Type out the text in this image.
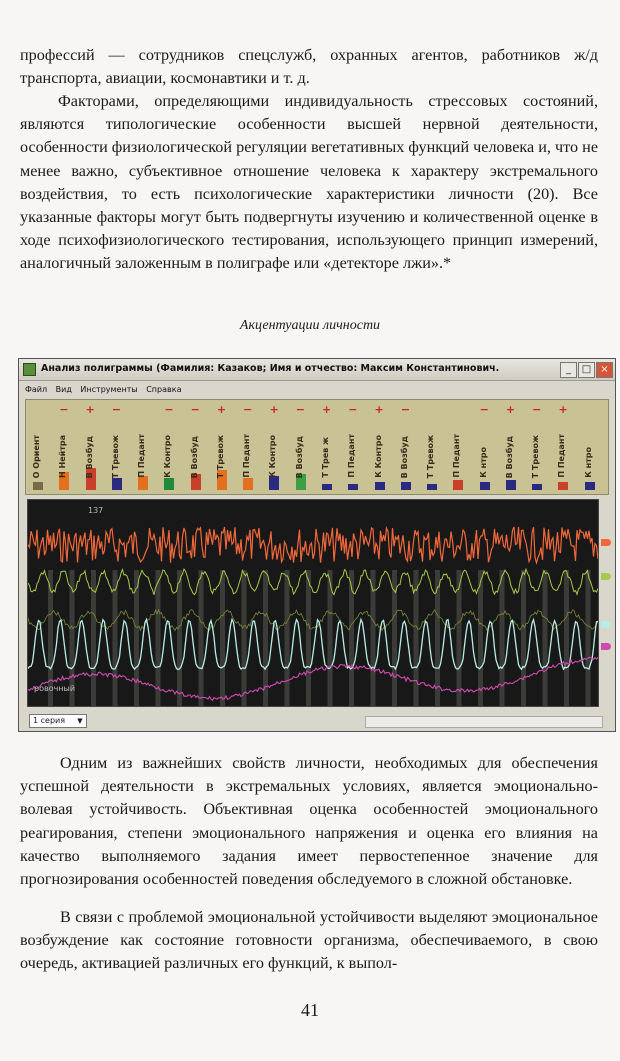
профессий — сотрудников спецслужб, охранных агентов, работников ж/д транспорта, авиации, космонавтики и т. д.
Факторами, определяющими индивидуальность стрессовых состояний, являются типологические особенности высшей нервной деятельности, особенности физиологической регуляции вегетативных функций человека и, что не менее важно, субъективное отношение человека к характеру экстремального воздействия, то есть психологические характеристики личности (20). Все указанные факторы могут быть подвергнуты изучению и количественной оценке в ходе психофизиологического тестирования, использующего принцип измерений, аналогичный заложенным в полиграфе или «детекторе лжи».*
Акцентуации личности
Анализ полиграммы (Фамилия: Казаков; Имя и отчество: Максим Константинович.	_	□ ×
Файл Вид Инструменты Справка
О Ориент
−
Н Нейтра
+
В Возбуд
−
Т Тревож	П Педант
−
К Контро
−
В Возбуд
+
Т Тревож
−
П Педант
+
К Контро
−
В Возбуд
+
Т Трев ж
−
П Педант
+
К Контро
−
В Возбуд	Т Тревож	П Педант
−
К нтро
+
В Возбуд
−
Т Тревож
+
П Педант	К нтро
137
ровочный
1 серия	▼
Одним из важнейших свойств личности, необходимых для обеспечения успешной деятельности в экстремальных условиях, является эмоционально-волевая устойчивость. Объективная оценка особенностей эмоционального реагирования, степени эмоционального напряжения и оценка его влияния на качество выполняемого задания имеет первостепенное значение для прогнозирования особенностей поведения обследуемого в сложной обстановке.
В связи с проблемой эмоциональной устойчивости выделяют эмоциональное возбуждение как состояние готовности организма, обеспечиваемого, в свою очередь, активацией различных его функций, к выпол-
41
